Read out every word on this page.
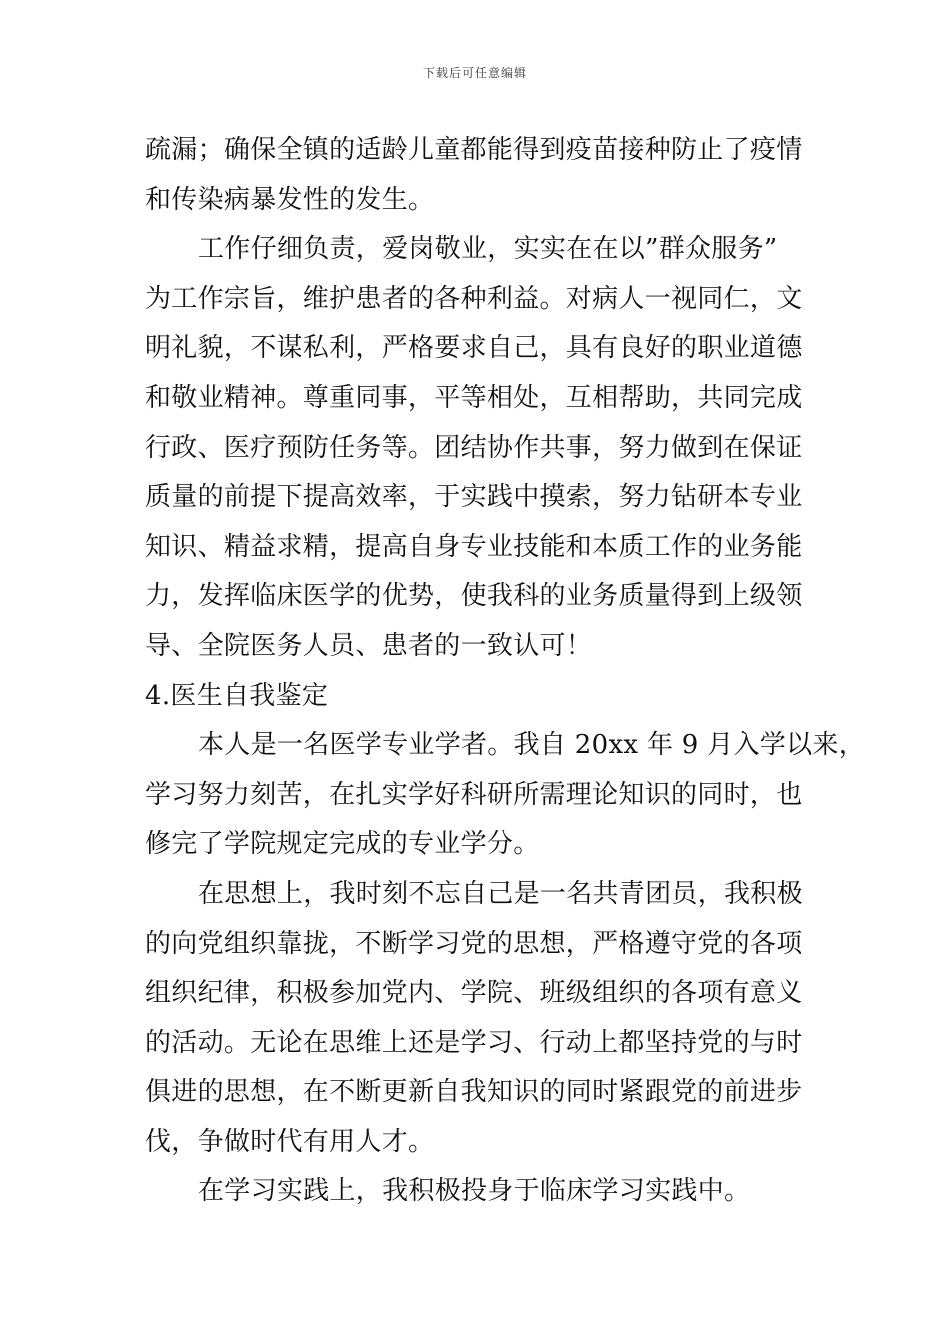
下载后可任意编辑
疏漏；确保全镇的适龄儿童都能得到疫苗接种防止了疫情
和传染病暴发性的发生。
工作仔细负责，爱岗敬业，实实在在以”群众服务”
为工作宗旨，维护患者的各种利益。对病人一视同仁，文
明礼貌，不谋私利，严格要求自己，具有良好的职业道德
和敬业精神。尊重同事，平等相处，互相帮助，共同完成
行政、医疗预防任务等。团结协作共事，努力做到在保证
质量的前提下提高效率，于实践中摸索，努力钻研本专业
知识、精益求精，提高自身专业技能和本质工作的业务能
力，发挥临床医学的优势，使我科的业务质量得到上级领
导、全院医务人员、患者的一致认可！
4.医生自我鉴定
本人是一名医学专业学者。我自 20xx 年 9 月入学以来，
学习努力刻苦，在扎实学好科研所需理论知识的同时，也
修完了学院规定完成的专业学分。
在思想上，我时刻不忘自己是一名共青团员，我积极
的向党组织靠拢，不断学习党的思想，严格遵守党的各项
组织纪律，积极参加党内、学院、班级组织的各项有意义
的活动。无论在思维上还是学习、行动上都坚持党的与时
俱进的思想，在不断更新自我知识的同时紧跟党的前进步
伐，争做时代有用人才。
在学习实践上，我积极投身于临床学习实践中。
